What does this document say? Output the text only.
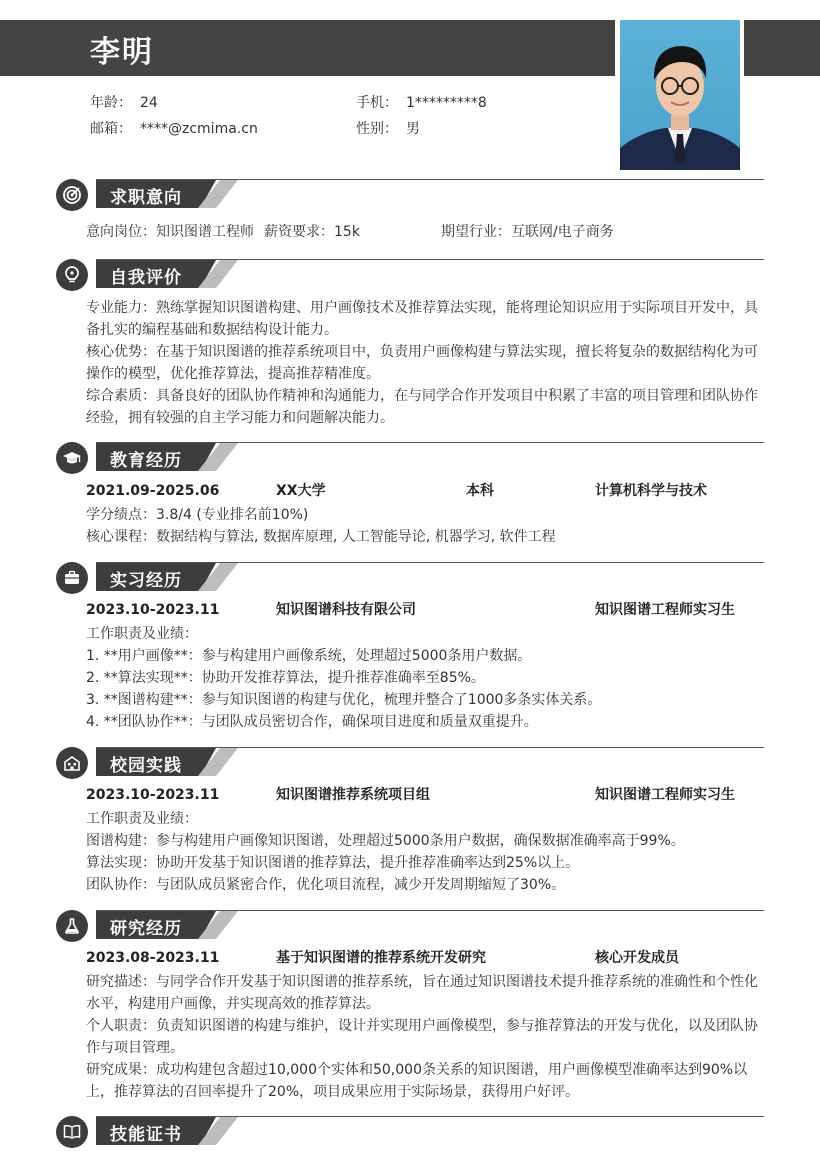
李明
年龄： 24	手机： 1*********8
邮箱： ****@zcmima.cn	性别： 男
求职意向
意向岗位：知识图谱工程师 薪资要求：15k	期望行业：互联网/电子商务
自我评价
专业能力：熟练掌握知识图谱构建、用户画像技术及推荐算法实现，能将理论知识应用于实际项目开发中，具备扎实的编程基础和数据结构设计能力。
核心优势：在基于知识图谱的推荐系统项目中，负责用户画像构建与算法实现，擅长将复杂的数据结构化为可操作的模型，优化推荐算法，提高推荐精准度。
综合素质：具备良好的团队协作精神和沟通能力，在与同学合作开发项目中积累了丰富的项目管理和团队协作经验，拥有较强的自主学习能力和问题解决能力。
教育经历
2021.09-2025.06	XX大学	本科	计算机科学与技术
学分绩点：3.8/4 (专业排名前10%)
核心课程：数据结构与算法, 数据库原理, 人工智能导论, 机器学习, 软件工程
实习经历
2023.10-2023.11	知识图谱科技有限公司	知识图谱工程师实习生
工作职责及业绩：
1. **用户画像**：参与构建用户画像系统，处理超过5000条用户数据。
2. **算法实现**：协助开发推荐算法，提升推荐准确率至85%。
3. **图谱构建**：参与知识图谱的构建与优化，梳理并整合了1000多条实体关系。
4. **团队协作**：与团队成员密切合作，确保项目进度和质量双重提升。
校园实践
2023.10-2023.11	知识图谱推荐系统项目组	知识图谱工程师实习生
工作职责及业绩：
图谱构建：参与构建用户画像知识图谱，处理超过5000条用户数据，确保数据准确率高于99%。
算法实现：协助开发基于知识图谱的推荐算法，提升推荐准确率达到25%以上。
团队协作：与团队成员紧密合作，优化项目流程，减少开发周期缩短了30%。
研究经历
2023.08-2023.11	基于知识图谱的推荐系统开发研究	核心开发成员
研究描述：与同学合作开发基于知识图谱的推荐系统，旨在通过知识图谱技术提升推荐系统的准确性和个性化水平，构建用户画像，并实现高效的推荐算法。
个人职责：负责知识图谱的构建与维护，设计并实现用户画像模型，参与推荐算法的开发与优化，以及团队协作与项目管理。
研究成果：成功构建包含超过10,000个实体和50,000条关系的知识图谱，用户画像模型准确率达到90%以上，推荐算法的召回率提升了20%，项目成果应用于实际场景，获得用户好评。
技能证书
